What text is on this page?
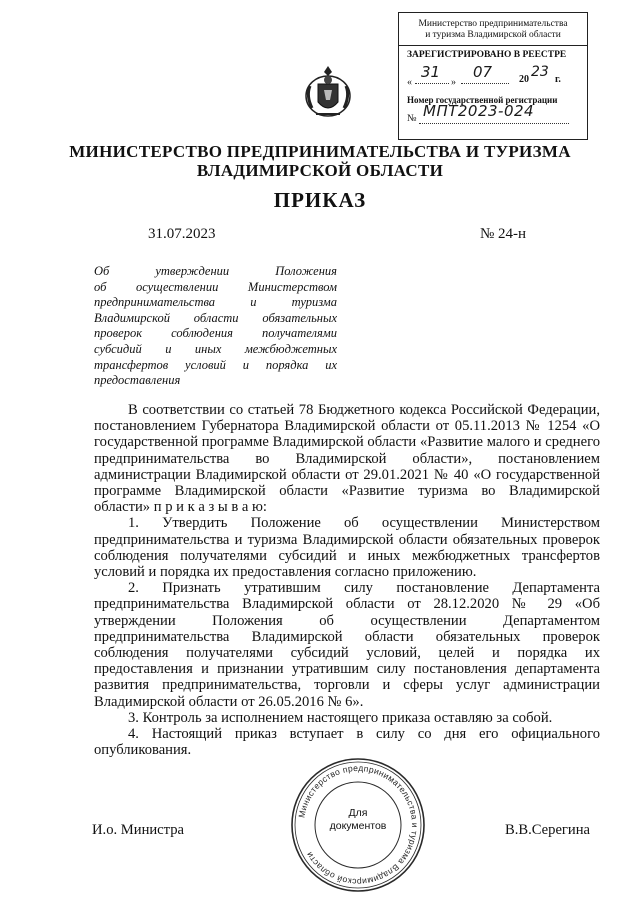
Министерство предпринимательства
и туризма Владимирской области
ЗАРЕГИСТРИРОВАНО В РЕЕСТРЕ
«
31
»
07	20 23 г.
Номер государственной регистрации
№ МПТ2023-024
МИНИСТЕРСТВО ПРЕДПРИНИМАТЕЛЬСТВА И ТУРИЗМА
ВЛАДИМИРСКОЙ ОБЛАСТИ
ПРИКАЗ
31.07.2023	№ 24-н
Об утверждении Положения
об осуществлении Министерством
предпринимательства и туризма
Владимирской области обязательных
проверок соблюдения получателями
субсидий и иных межбюджетных
трансфертов условий и порядка их
предоставления

В соответствии со статьей 78 Бюджетного кодекса Российской Федерации, постановлением Губернатора Владимирской области от 05.11.2013 № 1254 «О государственной программе Владимирской области «Развитие малого и среднего предпринимательства во Владимирской области», постановлением администрации Владимирской области от 29.01.2021 № 40 «О государственной программе Владимирской области «Развитие туризма во Владимирской области» п р и к а з ы в а ю:

1. Утвердить Положение об осуществлении Министерством предпринимательства и туризма Владимирской области обязательных проверок соблюдения получателями субсидий и иных межбюджетных трансфертов условий и порядка их предоставления согласно приложению.

2. Признать утратившим силу постановление Департамента предпринимательства Владимирской области от 28.12.2020 № 29 «Об утверждении Положения об осуществлении Департаментом предпринимательства Владимирской области обязательных проверок соблюдения получателями субсидий условий, целей и порядка их предоставления и признании утратившим силу постановления департамента развития предпринимательства, торговли и сферы услуг администрации Владимирской области от 26.05.2016 № 6».

3. Контроль за исполнением настоящего приказа оставляю за собой.

4. Настоящий приказ вступает в силу со дня его официального опубликования.

Министерство предпринимательства и туризма Владимирской области
Для
документов
И.о. Министра	В.В.Серегина
